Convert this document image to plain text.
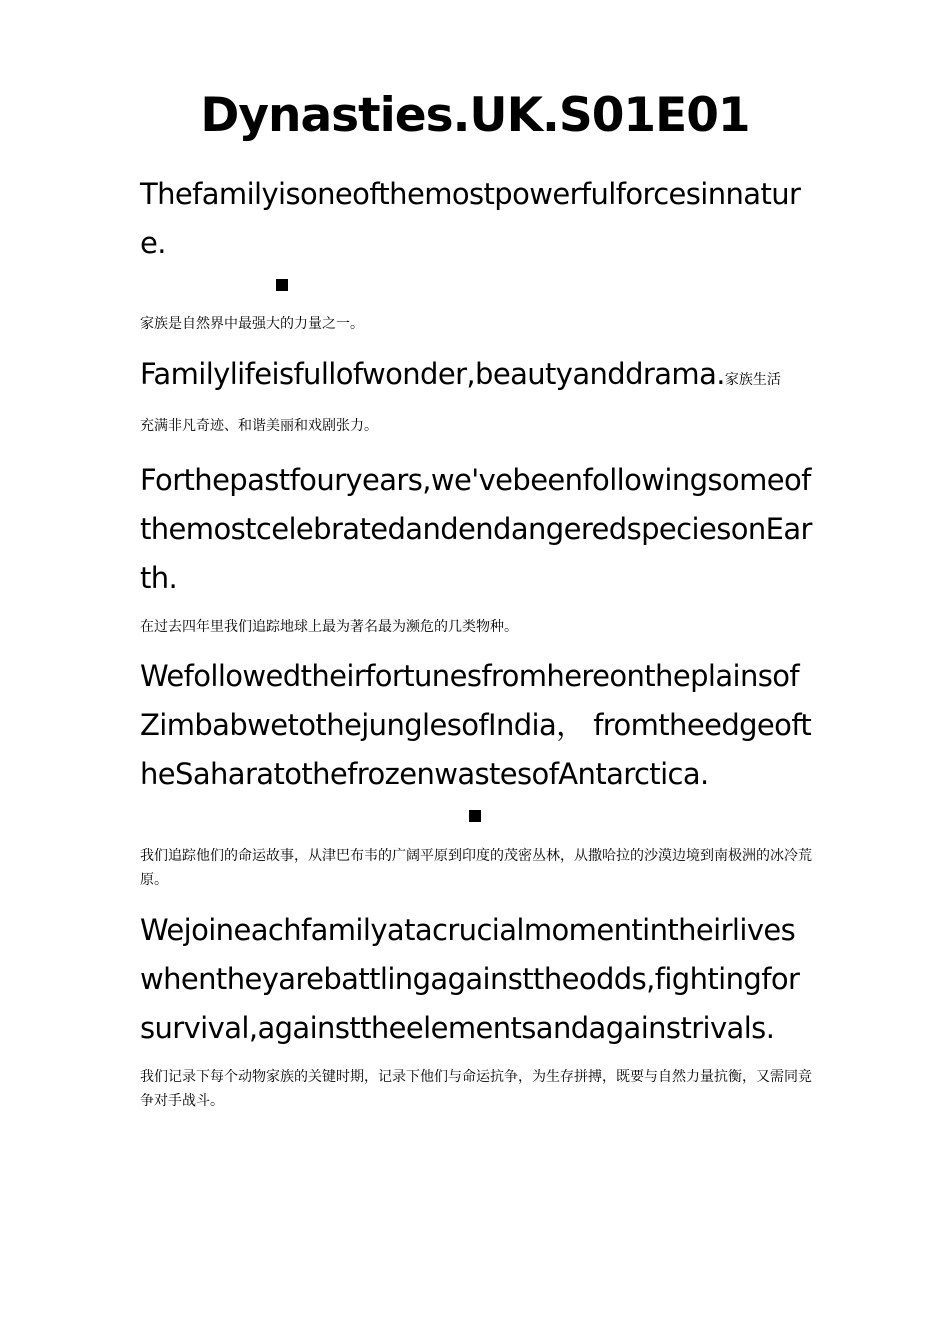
Dynasties.UK.S01E01

Thefamilyisoneofthemostpowerfulforcesinnature.

家族是自然界中最强大的力量之一。

Familylifeisfullofwonder,beautyanddrama.家族生活

充满非凡奇迹、和谐美丽和戏剧张力。

Forthepastfouryears,we'vebeenfollowingsomeofthemostcelebratedandendangeredspeciesonEarth.

在过去四年里我们追踪地球上最为著名最为濒危的几类物种。

WefollowedtheirfortunesfromhereontheplainsofZimbabwetothejunglesofIndia， fromtheedgeoftheSaharatothefrozenwastesofAntarctica.

我们追踪他们的命运故事，从津巴布韦的广阔平原到印度的茂密丛林，从撒哈拉的沙漠边境到南极洲的冰冷荒原。

Wejoineachfamilyatacrucialmomentintheirliveswhentheyarebattlingagainsttheodds,fightingforsurvival,againsttheelementsandagainstrivals.

我们记录下每个动物家族的关键时期，记录下他们与命运抗争，为生存拼搏，既要与自然力量抗衡，又需同竞争对手战斗。
